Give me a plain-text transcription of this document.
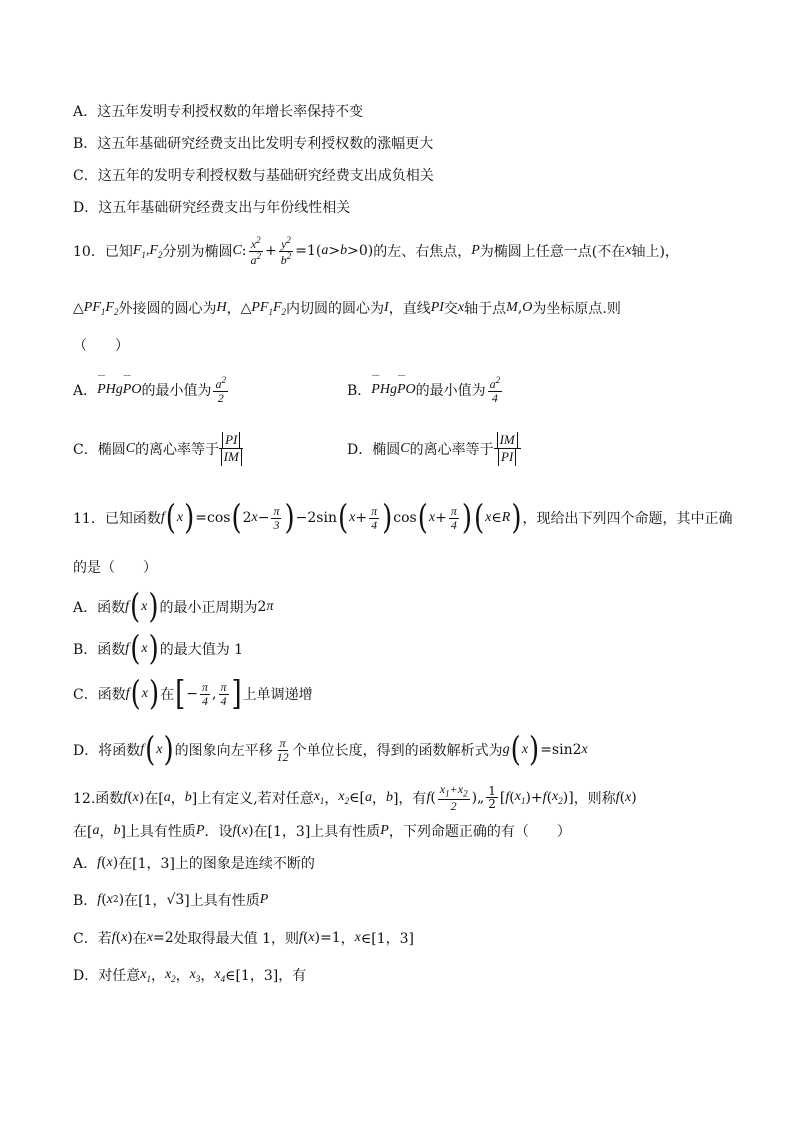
A．这五年发明专利授权数的年增长率保持不变
B．这五年基础研究经费支出比发明专利授权数的涨幅更大
C．这五年的发明专利授权数与基础研究经费支出成负相关
D．这五年基础研究经费支出与年份线性相关
10．已知 $F_1,F_2$ 分别为椭圆 C : $\frac{x^2}{a^2} + \frac{y^2}{b^2} =1$( a > b >0) 的左、右焦点， P 为椭圆上任意一点(不在 x 轴上)，
△ $PF_1F_2$ 外接圆的圆心为 H ， △ $PF_1F_2$ 内切圆的圆心为 I ，直线 PI 交 x 轴于点 M , O 为坐标原点.则
（　　）
A． ⌣⌣ PH g ⌣⌣ PO 的最小值为 $\frac{a^2}{2}$	B． ⌣⌣ PH g ⌣⌣ PO 的最小值为 $\frac{a^2}{4}$
C．椭圆 C 的离心率等于 $\frac{PI}{IM}$	D．椭圆 C 的离心率等于 $\frac{IM}{PI}$
11．已知函数 f ( x ) =cos ( 2 $x - \frac{\pi}{3}$ ) −2sin ( $x + \frac{\pi}{4}$ ) cos ( $x + \frac{\pi}{4}$ ) ( x ∈ R ) ，现给出下列四个命题，其中正确
的是（　　）
A．函数 f ( x ) 的最小正周期为 2 π
B．函数 f ( x ) 的最大值为 1
C．函数 f ( x ) 在 [ − $\frac{\pi}{4}$ , $\frac{\pi}{4}$ ] 上单调递增
D．将函数 f ( x ) 的图象向左平移 $\frac{\pi}{12}$ 个单位长度，得到的函数解析式为 g ( x ) =sin2 x
12.函数 f ( x ) 在[ a ， b ]上有定义,若对任意 $x_1$ ， $x_2$ ∈[ a ， b ]，有 f ( $\frac{x_1+x_2}{2}$ )„ $\frac{1}{2}$ [ f ( $x_1$ )+ f ( $x_2$ )] ，则称 f ( x )
在[ a ， b ]上具有性质 P ．设 f ( x ) 在[1，3]上具有性质 P ，下列命题正确的有（　　）
A． f ( x ) 在[1，3]上的图象是连续不断的
B． f ( x 2 ) 在[1， √3 ]上具有性质 P
C．若 f ( x ) 在 x =2 处取得最大值 1，则 f ( x )=1 ， x ∈[1，3]
D．对任意 $x_1$ ， $x_2$ ， $x_3$ ， $x_4$ ∈[1，3]，有
